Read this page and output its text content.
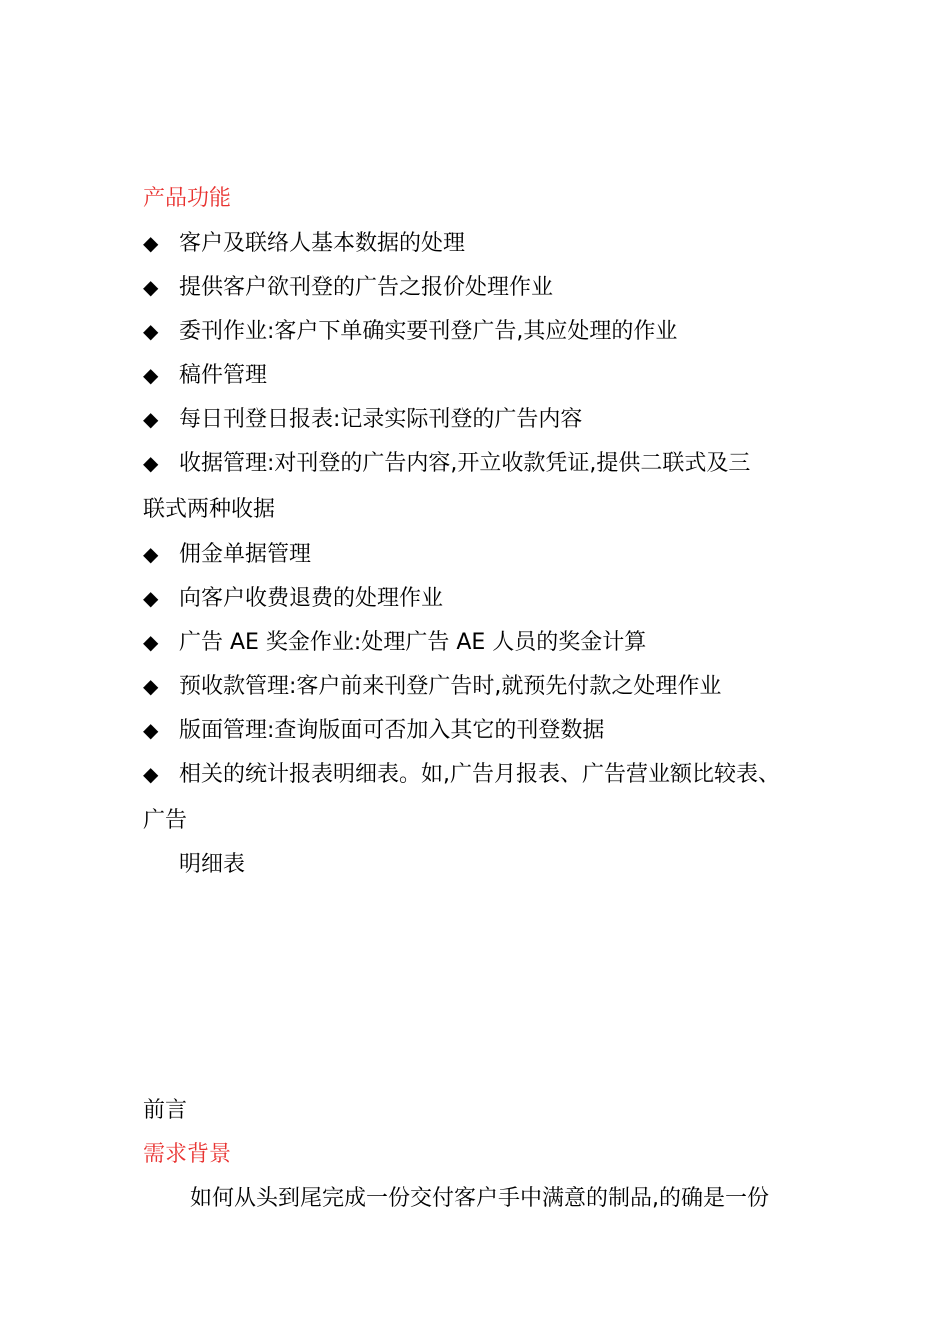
产品功能
◆ 客户及联络人基本数据的处理
◆ 提供客户欲刊登的广告之报价处理作业
◆ 委刊作业:客户下单确实要刊登广告,其应处理的作业
◆ 稿件管理
◆ 每日刊登日报表:记录实际刊登的广告内容
◆ 收据管理:对刊登的广告内容,开立收款凭证,提供二联式及三
联式两种收据
◆ 佣金单据管理
◆ 向客户收费退费的处理作业
◆ 广告 AE 奖金作业:处理广告 AE 人员的奖金计算
◆ 预收款管理:客户前来刊登广告时,就预先付款之处理作业
◆ 版面管理:查询版面可否加入其它的刊登数据
◆ 相关的统计报表明细表。如,广告月报表、广告营业额比较表、
广告
明细表
前言
需求背景
如何从头到尾完成一份交付客户手中满意的制品,的确是一份
